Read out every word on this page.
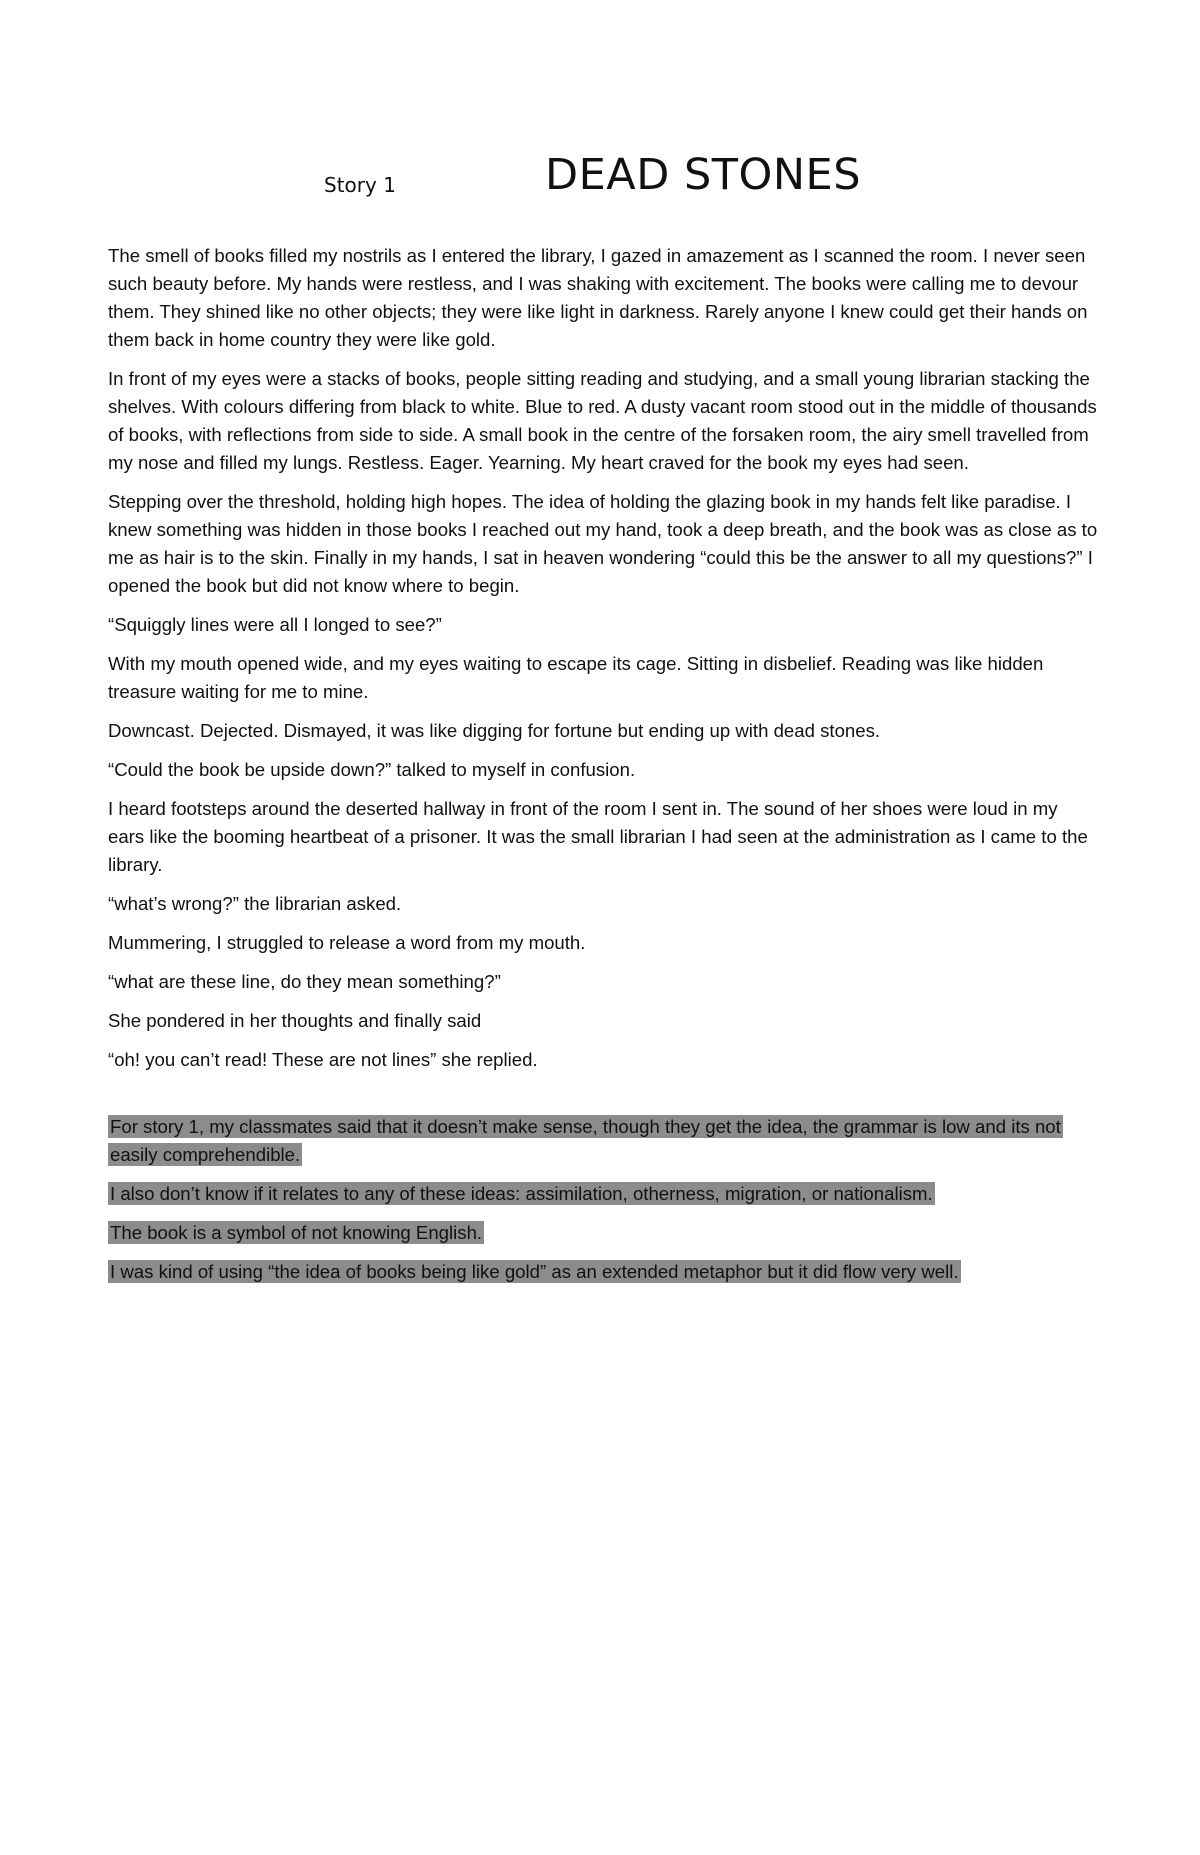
Story 1	DEAD STONES

The smell of books filled my nostrils as I entered the library, I gazed in amazement as I scanned the room. I never seen such beauty before. My hands were restless, and I was shaking with excitement. The books were calling me to devour them. They shined like no other objects; they were like light in darkness. Rarely anyone I knew could get their hands on them back in home country they were like gold.

In front of my eyes were a stacks of books, people sitting reading and studying, and a small young librarian stacking the shelves. With colours differing from black to white. Blue to red. A dusty vacant room stood out in the middle of thousands of books, with reflections from side to side. A small book in the centre of the forsaken room, the airy smell travelled from my nose and filled my lungs. Restless. Eager. Yearning. My heart craved for the book my eyes had seen.

Stepping over the threshold, holding high hopes. The idea of holding the glazing book in my hands felt like paradise. I knew something was hidden in those books I reached out my hand, took a deep breath, and the book was as close as to me as hair is to the skin. Finally in my hands, I sat in heaven wondering “could this be the answer to all my questions?” I opened the book but did not know where to begin.

“Squiggly lines were all I longed to see?”

With my mouth opened wide, and my eyes waiting to escape its cage. Sitting in disbelief. Reading was like hidden treasure waiting for me to mine.

Downcast. Dejected. Dismayed, it was like digging for fortune but ending up with dead stones.

“Could the book be upside down?” talked to myself in confusion.

I heard footsteps around the deserted hallway in front of the room I sent in. The sound of her shoes were loud in my ears like the booming heartbeat of a prisoner. It was the small librarian I had seen at the administration as I came to the library.

“what’s wrong?” the librarian asked.

Mummering, I struggled to release a word from my mouth.

“what are these line, do they mean something?”

She pondered in her thoughts and finally said

“oh! you can’t read! These are not lines” she replied.

For story 1, my classmates said that it doesn’t make sense, though they get the idea, the grammar is low and its not easily comprehendible.

I also don’t know if it relates to any of these ideas: assimilation, otherness, migration, or nationalism.

The book is a symbol of not knowing English.

I was kind of using “the idea of books being like gold” as an extended metaphor but it did flow very well.
